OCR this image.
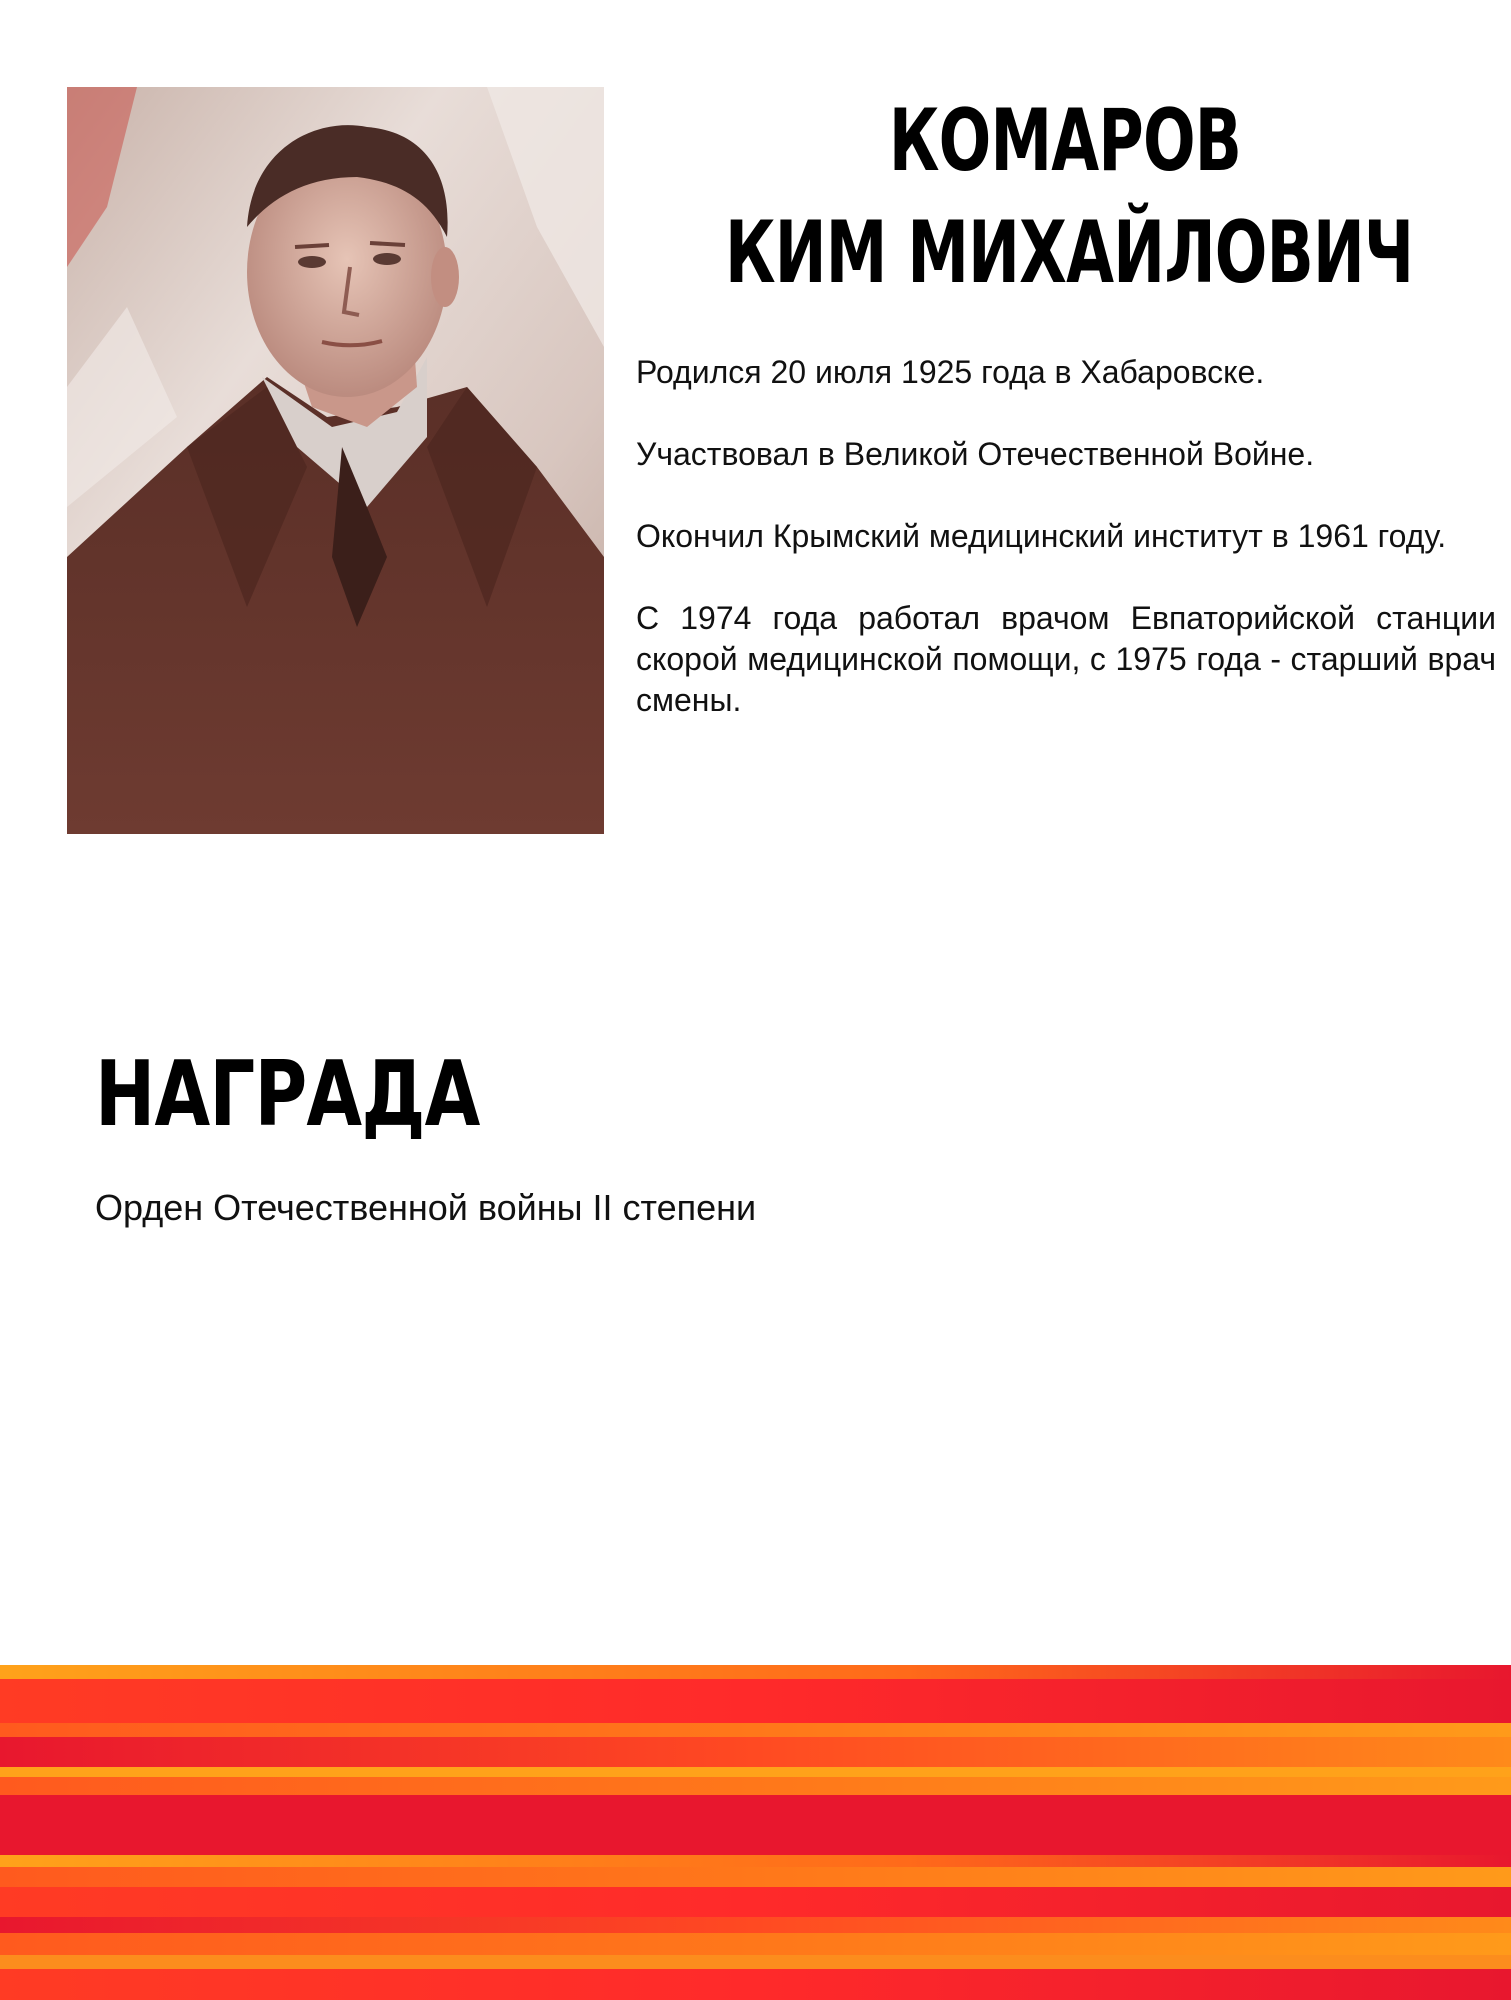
КОМАРОВ
КИМ МИХАЙЛОВИЧ

Родился 20 июля 1925 года в Хабаровске.

Участвовал в Великой Отечественной Войне.

Окончил Крымский медицинский институт в 1961 году.

С 1974 года работал врачом Евпаторийской станции скорой медицинской помощи, с 1975 года - старший врач смены.

НАГРАДА
Орден Отечественной войны II степени
